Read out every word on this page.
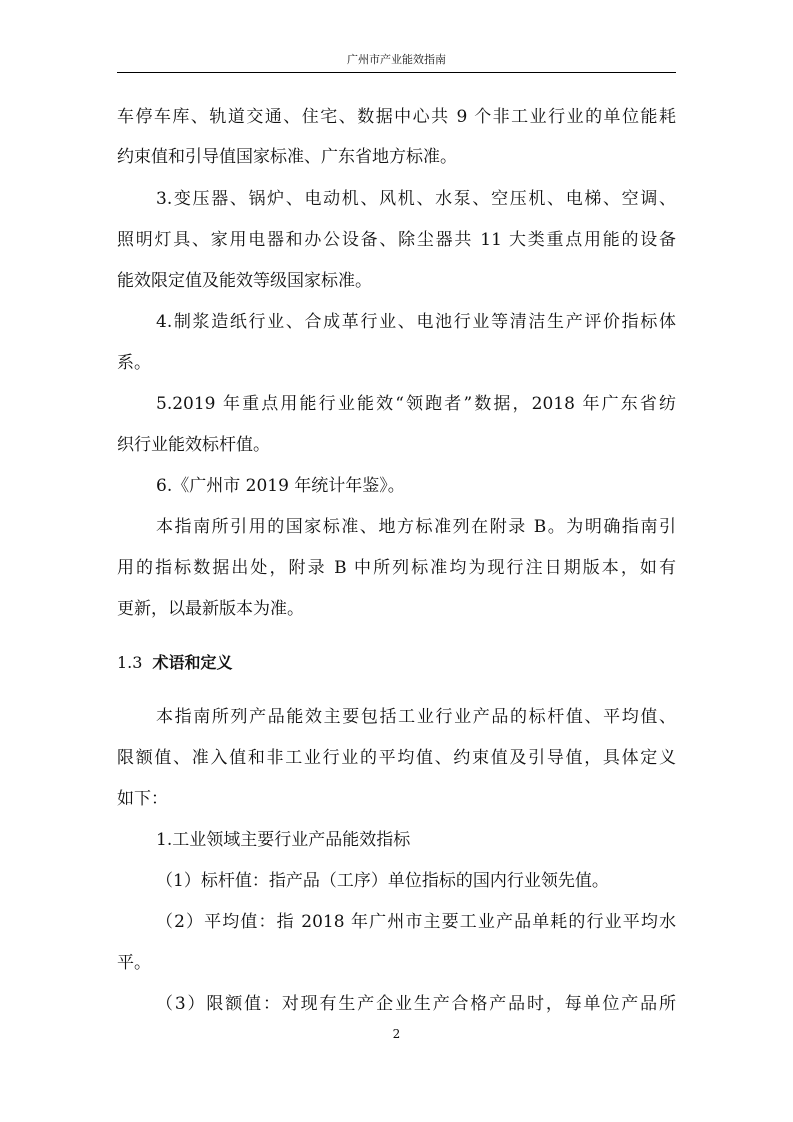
广州市产业能效指南
车停车库、轨道交通、住宅、数据中心共 9 个非工业行业的单位能耗
约束值和引导值国家标准、广东省地方标准。
3.变压器、锅炉、电动机、风机、水泵、空压机、电梯、空调、
照明灯具、家用电器和办公设备、除尘器共 11 大类重点用能的设备
能效限定值及能效等级国家标准。
4.制浆造纸行业、合成革行业、电池行业等清洁生产评价指标体
系。
5.2019 年重点用能行业能效“领跑者”数据，2018 年广东省纺
织行业能效标杆值。
6.《广州市 2019 年统计年鉴》。
本指南所引用的国家标准、地方标准列在附录 B。为明确指南引
用的指标数据出处，附录 B 中所列标准均为现行注日期版本，如有
更新，以最新版本为准。
1.3 术语和定义
本指南所列产品能效主要包括工业行业产品的标杆值、平均值、
限额值、准入值和非工业行业的平均值、约束值及引导值，具体定义
如下：
1.工业领域主要行业产品能效指标
（1）标杆值：指产品（工序）单位指标的国内行业领先值。
（2）平均值：指 2018 年广州市主要工业产品单耗的行业平均水
平。
（3）限额值：对现有生产企业生产合格产品时，每单位产品所
2
